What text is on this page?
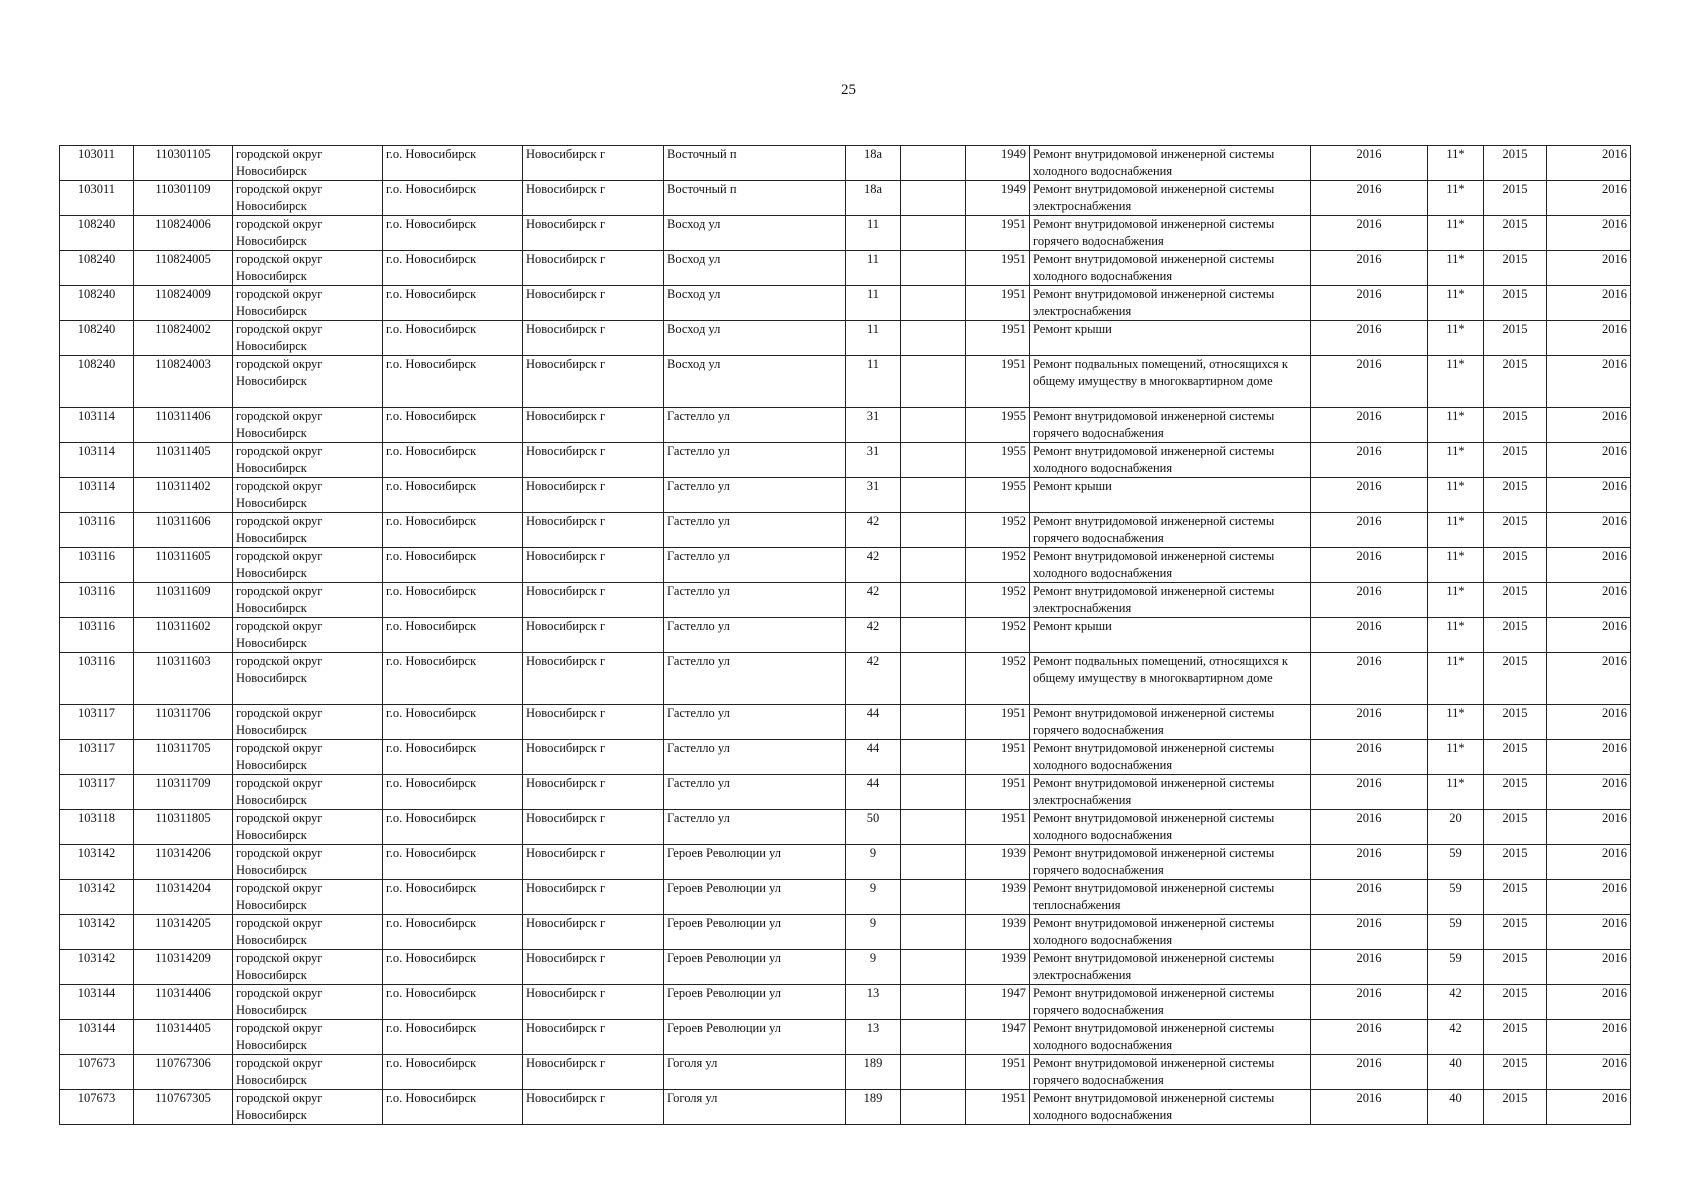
25
103011	110301105	городской округ Новосибирск	г.о. Новосибирск	Новосибирск г	Восточный п	18а		1949	Ремонт внутридомовой инженерной системы холодного водоснабжения	2016	11*	2015	2016
103011	110301109	городской округ Новосибирск	г.о. Новосибирск	Новосибирск г	Восточный п	18а		1949	Ремонт внутридомовой инженерной системы электроснабжения	2016	11*	2015	2016
108240	110824006	городской округ Новосибирск	г.о. Новосибирск	Новосибирск г	Восход ул	11		1951	Ремонт внутридомовой инженерной системы горячего водоснабжения	2016	11*	2015	2016
108240	110824005	городской округ Новосибирск	г.о. Новосибирск	Новосибирск г	Восход ул	11		1951	Ремонт внутридомовой инженерной системы холодного водоснабжения	2016	11*	2015	2016
108240	110824009	городской округ Новосибирск	г.о. Новосибирск	Новосибирск г	Восход ул	11		1951	Ремонт внутридомовой инженерной системы электроснабжения	2016	11*	2015	2016
108240	110824002	городской округ Новосибирск	г.о. Новосибирск	Новосибирск г	Восход ул	11		1951	Ремонт крыши	2016	11*	2015	2016
108240	110824003	городской округ Новосибирск	г.о. Новосибирск	Новосибирск г	Восход ул	11		1951	Ремонт подвальных помещений, относящихся к общему имуществу в многоквартирном доме	2016	11*	2015	2016
103114	110311406	городской округ Новосибирск	г.о. Новосибирск	Новосибирск г	Гастелло ул	31		1955	Ремонт внутридомовой инженерной системы горячего водоснабжения	2016	11*	2015	2016
103114	110311405	городской округ Новосибирск	г.о. Новосибирск	Новосибирск г	Гастелло ул	31		1955	Ремонт внутридомовой инженерной системы холодного водоснабжения	2016	11*	2015	2016
103114	110311402	городской округ Новосибирск	г.о. Новосибирск	Новосибирск г	Гастелло ул	31		1955	Ремонт крыши	2016	11*	2015	2016
103116	110311606	городской округ Новосибирск	г.о. Новосибирск	Новосибирск г	Гастелло ул	42		1952	Ремонт внутридомовой инженерной системы горячего водоснабжения	2016	11*	2015	2016
103116	110311605	городской округ Новосибирск	г.о. Новосибирск	Новосибирск г	Гастелло ул	42		1952	Ремонт внутридомовой инженерной системы холодного водоснабжения	2016	11*	2015	2016
103116	110311609	городской округ Новосибирск	г.о. Новосибирск	Новосибирск г	Гастелло ул	42		1952	Ремонт внутридомовой инженерной системы электроснабжения	2016	11*	2015	2016
103116	110311602	городской округ Новосибирск	г.о. Новосибирск	Новосибирск г	Гастелло ул	42		1952	Ремонт крыши	2016	11*	2015	2016
103116	110311603	городской округ Новосибирск	г.о. Новосибирск	Новосибирск г	Гастелло ул	42		1952	Ремонт подвальных помещений, относящихся к общему имуществу в многоквартирном доме	2016	11*	2015	2016
103117	110311706	городской округ Новосибирск	г.о. Новосибирск	Новосибирск г	Гастелло ул	44		1951	Ремонт внутридомовой инженерной системы горячего водоснабжения	2016	11*	2015	2016
103117	110311705	городской округ Новосибирск	г.о. Новосибирск	Новосибирск г	Гастелло ул	44		1951	Ремонт внутридомовой инженерной системы холодного водоснабжения	2016	11*	2015	2016
103117	110311709	городской округ Новосибирск	г.о. Новосибирск	Новосибирск г	Гастелло ул	44		1951	Ремонт внутридомовой инженерной системы электроснабжения	2016	11*	2015	2016
103118	110311805	городской округ Новосибирск	г.о. Новосибирск	Новосибирск г	Гастелло ул	50		1951	Ремонт внутридомовой инженерной системы холодного водоснабжения	2016	20	2015	2016
103142	110314206	городской округ Новосибирск	г.о. Новосибирск	Новосибирск г	Героев Революции ул	9		1939	Ремонт внутридомовой инженерной системы горячего водоснабжения	2016	59	2015	2016
103142	110314204	городской округ Новосибирск	г.о. Новосибирск	Новосибирск г	Героев Революции ул	9		1939	Ремонт внутридомовой инженерной системы теплоснабжения	2016	59	2015	2016
103142	110314205	городской округ Новосибирск	г.о. Новосибирск	Новосибирск г	Героев Революции ул	9		1939	Ремонт внутридомовой инженерной системы холодного водоснабжения	2016	59	2015	2016
103142	110314209	городской округ Новосибирск	г.о. Новосибирск	Новосибирск г	Героев Революции ул	9		1939	Ремонт внутридомовой инженерной системы электроснабжения	2016	59	2015	2016
103144	110314406	городской округ Новосибирск	г.о. Новосибирск	Новосибирск г	Героев Революции ул	13		1947	Ремонт внутридомовой инженерной системы горячего водоснабжения	2016	42	2015	2016
103144	110314405	городской округ Новосибирск	г.о. Новосибирск	Новосибирск г	Героев Революции ул	13		1947	Ремонт внутридомовой инженерной системы холодного водоснабжения	2016	42	2015	2016
107673	110767306	городской округ Новосибирск	г.о. Новосибирск	Новосибирск г	Гоголя ул	189		1951	Ремонт внутридомовой инженерной системы горячего водоснабжения	2016	40	2015	2016
107673	110767305	городской округ Новосибирск	г.о. Новосибирск	Новосибирск г	Гоголя ул	189		1951	Ремонт внутридомовой инженерной системы холодного водоснабжения	2016	40	2015	2016
